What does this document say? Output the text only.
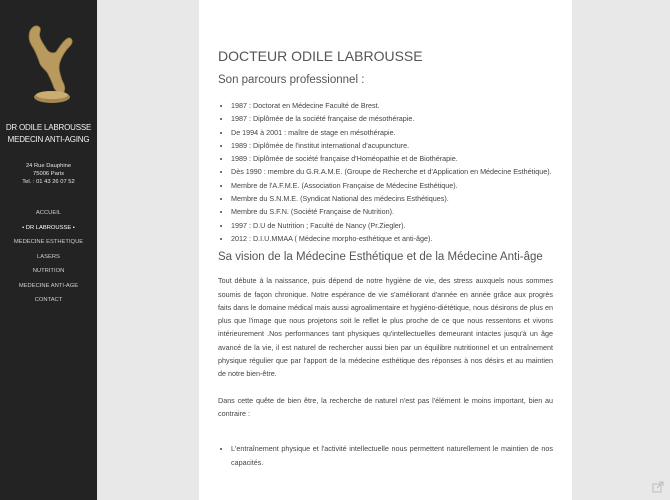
DR ODILE LABROUSSE
MEDECIN ANTI-AGING
24 Rue Dauphine
75006 Paris
Tel. : 01 43 26 07 52
ACCUEIL
• DR LABROUSSE •
MEDECINE ESTHETIQUE
LASERS
NUTRITION
MEDECINE ANTI-AGE
CONTACT
DOCTEUR ODILE LABROUSSE
Son parcours professionnel :
• 1987 : Doctorat en Médecine Faculté de Brest.
• 1987 : Diplômée de la société française de mésothérapie.
• De 1994 à 2001 : maître de stage en mésothérapie.
• 1989 : Diplômée de l'institut international d'acupuncture.
• 1989 : Diplômée de société française d'Homéopathie et de Biothérapie.
• Dès 1990 : membre du G.R.A.M.E. (Groupe de Recherche et d'Application en Médecine Esthétique).
• Membre de l'A.F.M.E. (Association Française de Médecine Esthétique).
• Membre du S.N.M.E. (Syndicat National des médecins Esthétiques).
• Membre du S.F.N. (Société Française de Nutrition).
• 1997 : D.U de Nutrition ; Faculté de Nancy (Pr.Ziegler).
• 2012 : D.I.U.MMAA ( Médecine morpho-esthétique et anti-âge).
Sa vision de la Médecine Esthétique et de la Médecine Anti-âge

Tout débute à la naissance, puis dépend de notre hygiène de vie, des stress auxquels nous sommes soumis de façon chronique. Notre espérance de vie s'améliorant d'année en année grâce aux progrès faits dans le domaine médical mais aussi agroalimentaire et hygiéno-diététique, nous désirons de plus en plus que l'image que nous projetons soit le reflet le plus proche de ce que nous ressentons et vivons intérieurement .Nos performances tant physiques qu'intellectuelles demeurant intactes jusqu'à un âge avancé de la vie, il est naturel de rechercher aussi bien par un équilibre nutritionnel et un entraînement physique régulier que par l'apport de la médecine esthétique des réponses à nos désirs et au maintien de notre bien-être.

Dans cette quête de bien être, la recherche de naturel n'est pas l'élément le moins important, bien au contraire :

• L'entraînement physique et l'activité intellectuelle nous permettent naturellement le maintien de nos capacités.
